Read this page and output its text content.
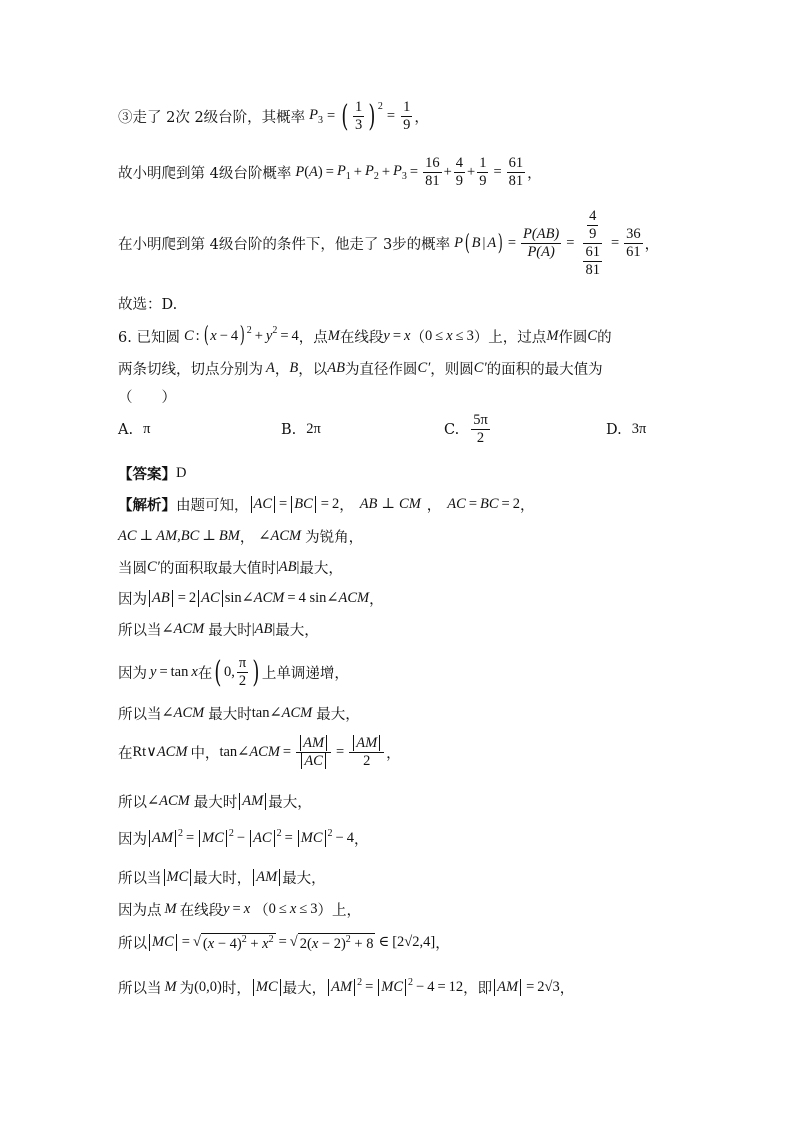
③走了 2次 2级台阶，其概率 $P_3$ = ( $\frac{1}{3} )^2$
= $\frac{1}{9}$ ，
故小明爬到第 4级台阶概率 P ( A ) = $P_1 + P_2 + P_3 = \frac{16}{81} + \frac{4}{9} + \frac{1}{9} = \frac{61}{81}$ ，
在小明爬到第 4级台阶的条件下，他走了 3步的概率 P ( B | A ) = $\frac{P(AB)}{P(A)} = \frac{\frac{4}{9}}{\frac{61}{81}} = \frac{36}{61}$ ，
故选：D.
6. 已知圆 C : ( x − 4 )$^2 + y^2 = 4$ ，点 M 在线段 y = x （ 0 ≤ x ≤ 3 ）上，过点 M 作圆 C 的
两条切线，切点分别为 A ， B ，以 AB 为直径作圆 C′ ，则圆 C′ 的面积的最大值为
（　　）
A. π	B. 2π	C. $\frac{5\pi}{2}$	D. 3π
【答案】 D
【解析】 由题可知， AC = BC = 2 ， AB ⊥ CM ， AC = BC = 2 ，
AC ⊥ AM , BC ⊥ BM ， ∠ ACM 为锐角，
当圆 C′ 的面积取最大值时 | AB | 最大，
因为 AB = 2 AC sin∠ ACM = 4 sin∠ ACM ，
所以当 ∠ ACM 最大时 | AB | 最大，
因为 y = tan x 在 ( 0, $\frac{\pi}{2}$ ) 上单调递增，
所以当 ∠ ACM 最大时 tan∠ ACM 最大，
在 Rt∨ ACM 中， tan∠ ACM = $\frac{AM}{AC} = \frac{AM}{2}$ ，
所以 ∠ ACM 最大时 AM 最大，
因为 AM $^2$ = MC $^2$ − AC $^2$ = MC $^2$ − 4 ，
所以当 MC 最大时 ， AM 最大，
因为点 M 在线段 y = x （ 0 ≤ x ≤ 3 ）上，
所以 MC = √ $(x - 4)^2 + x^2$ = √ $2(x - 2)^2 + 8$ ∈ [2√2,4] ，
所以当 M 为 (0,0) 时， MC 最大， AM $^2$ = MC $^2$ − 4 = 12 ，即 AM = 2√3 ，
